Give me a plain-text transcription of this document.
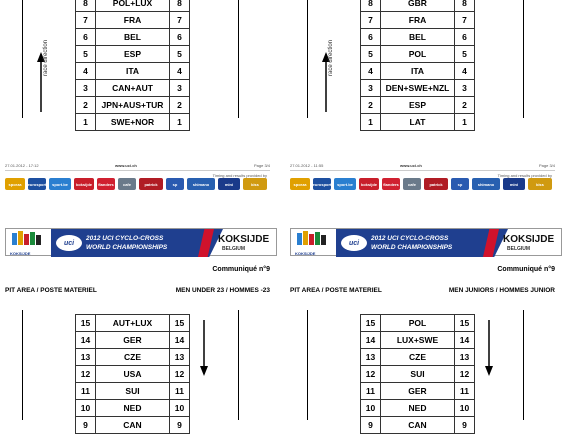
8	POL+LUX	8
7	FRA	7
6	BEL	6
5	ESP	5
4	ITA	4
3	CAN+AUT	3
2	JPN+AUS+TUR	2
1	SWE+NOR	1
race direction
27.01.2012 - 17:12	www.uci.ch	Page 3/4
Timing and results provided by
sporza	eurosport	sport.be	koksijde	flanders	cafe	patrick	sp	shimano	mini	kiss
KOKSIJDE
uci
2012 UCI CYCLO-CROSS
WORLD CHAMPIONSHIPS
KOKSIJDE
BELGIUM
Communiqué n°9
PIT AREA / POSTE MATERIEL	MEN UNDER 23 / HOMMES -23
15	AUT+LUX	15
14	GER	14
13	CZE	13
12	USA	12
11	SUI	11
10	NED	10
9	CAN	9
8	GBR	8
7	FRA	7
6	BEL	6
5	POL	5
4	ITA	4
3	DEN+SWE+NZL	3
2	ESP	2
1	LAT	1
race direction
27.01.2012 - 11:55	www.uci.ch	Page 3/4
Timing and results provided by
sporza	eurosport	sport.be	koksijde	flanders	cafe	patrick	sp	shimano	mini	kiss
KOKSIJDE
uci
2012 UCI CYCLO-CROSS
WORLD CHAMPIONSHIPS
KOKSIJDE
BELGIUM
Communiqué n°9
PIT AREA / POSTE MATERIEL	MEN JUNIORS / HOMMES JUNIOR
15	POL	15
14	LUX+SWE	14
13	CZE	13
12	SUI	12
11	GER	11
10	NED	10
9	CAN	9
